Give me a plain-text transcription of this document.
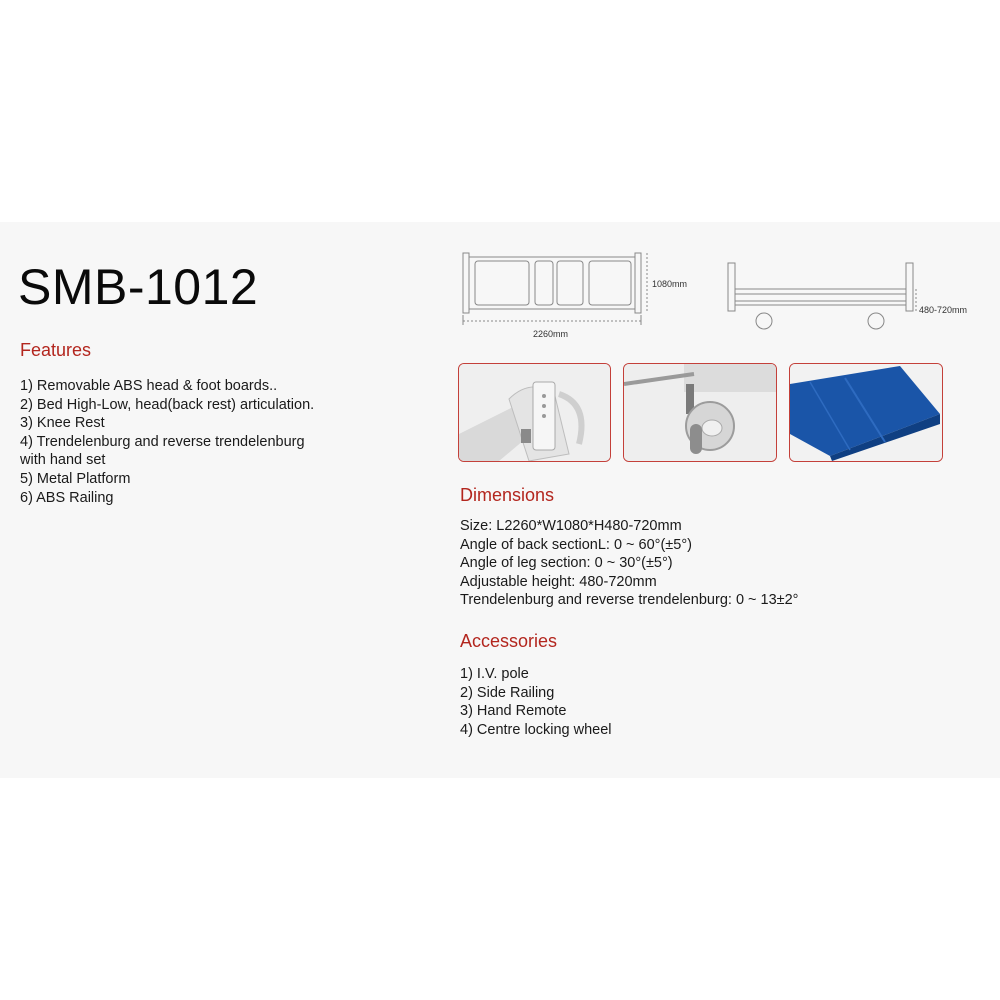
SMB-1012
Features
1) Removable ABS head & foot boards..
2) Bed High-Low, head(back rest) articulation.
3) Knee Rest
4) Trendelenburg and reverse trendelenburg
with hand set
5) Metal Platform
6) ABS Railing
1080mm
2260mm
480-720mm
Dimensions
Size: L2260*W1080*H480-720mm
Angle of back sectionL: 0 ~ 60°(±5°)
Angle of leg section: 0 ~ 30°(±5°)
Adjustable height: 480-720mm
Trendelenburg and reverse trendelenburg: 0 ~ 13±2°
Accessories
1) I.V. pole
2) Side Railing
3) Hand Remote
4) Centre locking wheel
